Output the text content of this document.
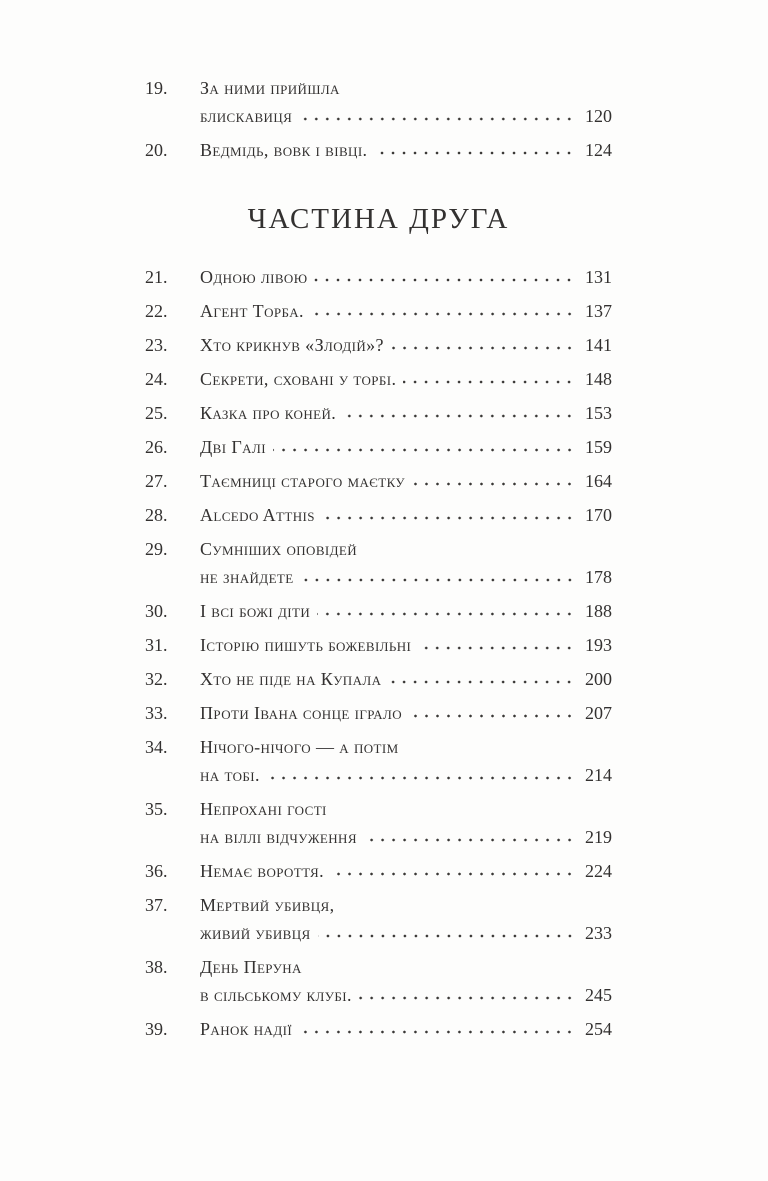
19.	За ними прийшла
блискавиця	120
20.	Ведмідь, вовк і вівці.	124
ЧАСТИНА ДРУГА
21.	Одною лівою	131
22.	Агент Торба.	137
23.	Хто крикнув «Злодій»?	141
24.	Секрети, сховані у торбі.	148
25.	Казка про коней.	153
26.	Дві Галі	159
27.	Таємниці старого маєтку	164
28.	Alcedo Atthis	170
29.	Сумніших оповідей
не знайдете	178
30.	І всі божі діти	188
31.	Історію пишуть божевільні	193
32.	Хто не піде на Купала	200
33.	Проти Івана сонце іграло	207
34.	Нічого-нічого — а потім
на тобі.	214
35.	Непрохані гості
на віллі відчуження	219
36.	Немає вороття.	224
37.	Мертвий убивця,
живий убивця	233
38.	День Перуна
в сільському клубі.	245
39.	Ранок надії	254
